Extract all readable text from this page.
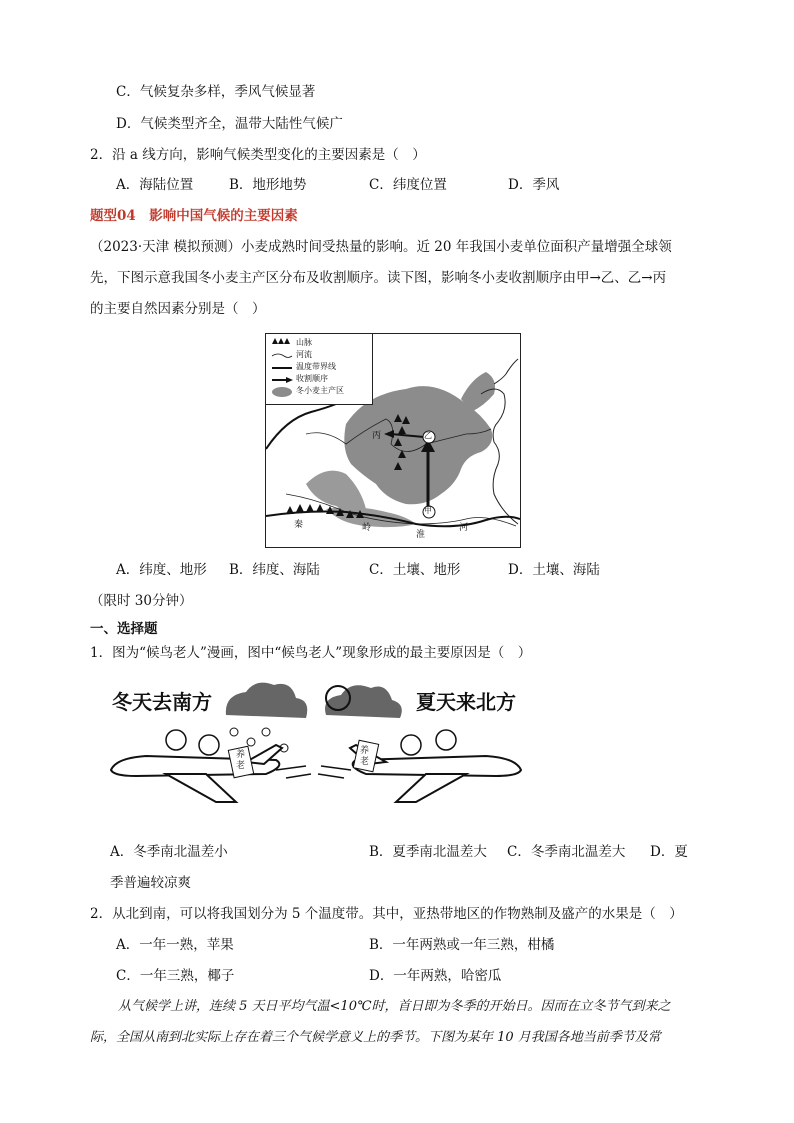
C．气候复杂多样，季风气候显著
D．气候类型齐全，温带大陆性气候广
2．沿 a 线方向，影响气候类型变化的主要因素是（　）
A．海陆位置	B．地形地势	C．纬度位置	D．季风
题型04　影响中国气候的主要因素
（2023·天津 模拟预测）小麦成熟时间受热量的影响。近 20 年我国小麦单位面积产量增强全球领
先，下图示意我国冬小麦主产区分布及收割顺序。读下图，影响冬小麦收割顺序由甲→乙、乙→丙
的主要自然因素分别是（　）
山脉
河流
温度带界线
收割顺序
冬小麦主产区
乙
甲
丙
秦	岭
淮
河
A．纬度、地形 B．纬度、海陆	C．土壤、地形	D．土壤、海陆
（限时 30分钟）
一、选择题
1．图为“候鸟老人”漫画，图中“候鸟老人”现象形成的最主要原因是（　）
冬天去南方	夏天来北方
养老
养老
A．冬季南北温差小	B．夏季南北温差大 C．冬季南北温差大 D．夏
季普遍较凉爽
2．从北到南，可以将我国划分为 5 个温度带。其中，亚热带地区的作物熟制及盛产的水果是（　）
A．一年一熟，苹果	B．一年两熟或一年三熟，柑橘
C．一年三熟，椰子	D．一年两熟，哈密瓜
从气候学上讲，连续 5 天日平均气温<10℃时，首日即为冬季的开始日。因而在立冬节气到来之
际，全国从南到北实际上存在着三个气候学意义上的季节。下图为某年 10 月我国各地当前季节及常
